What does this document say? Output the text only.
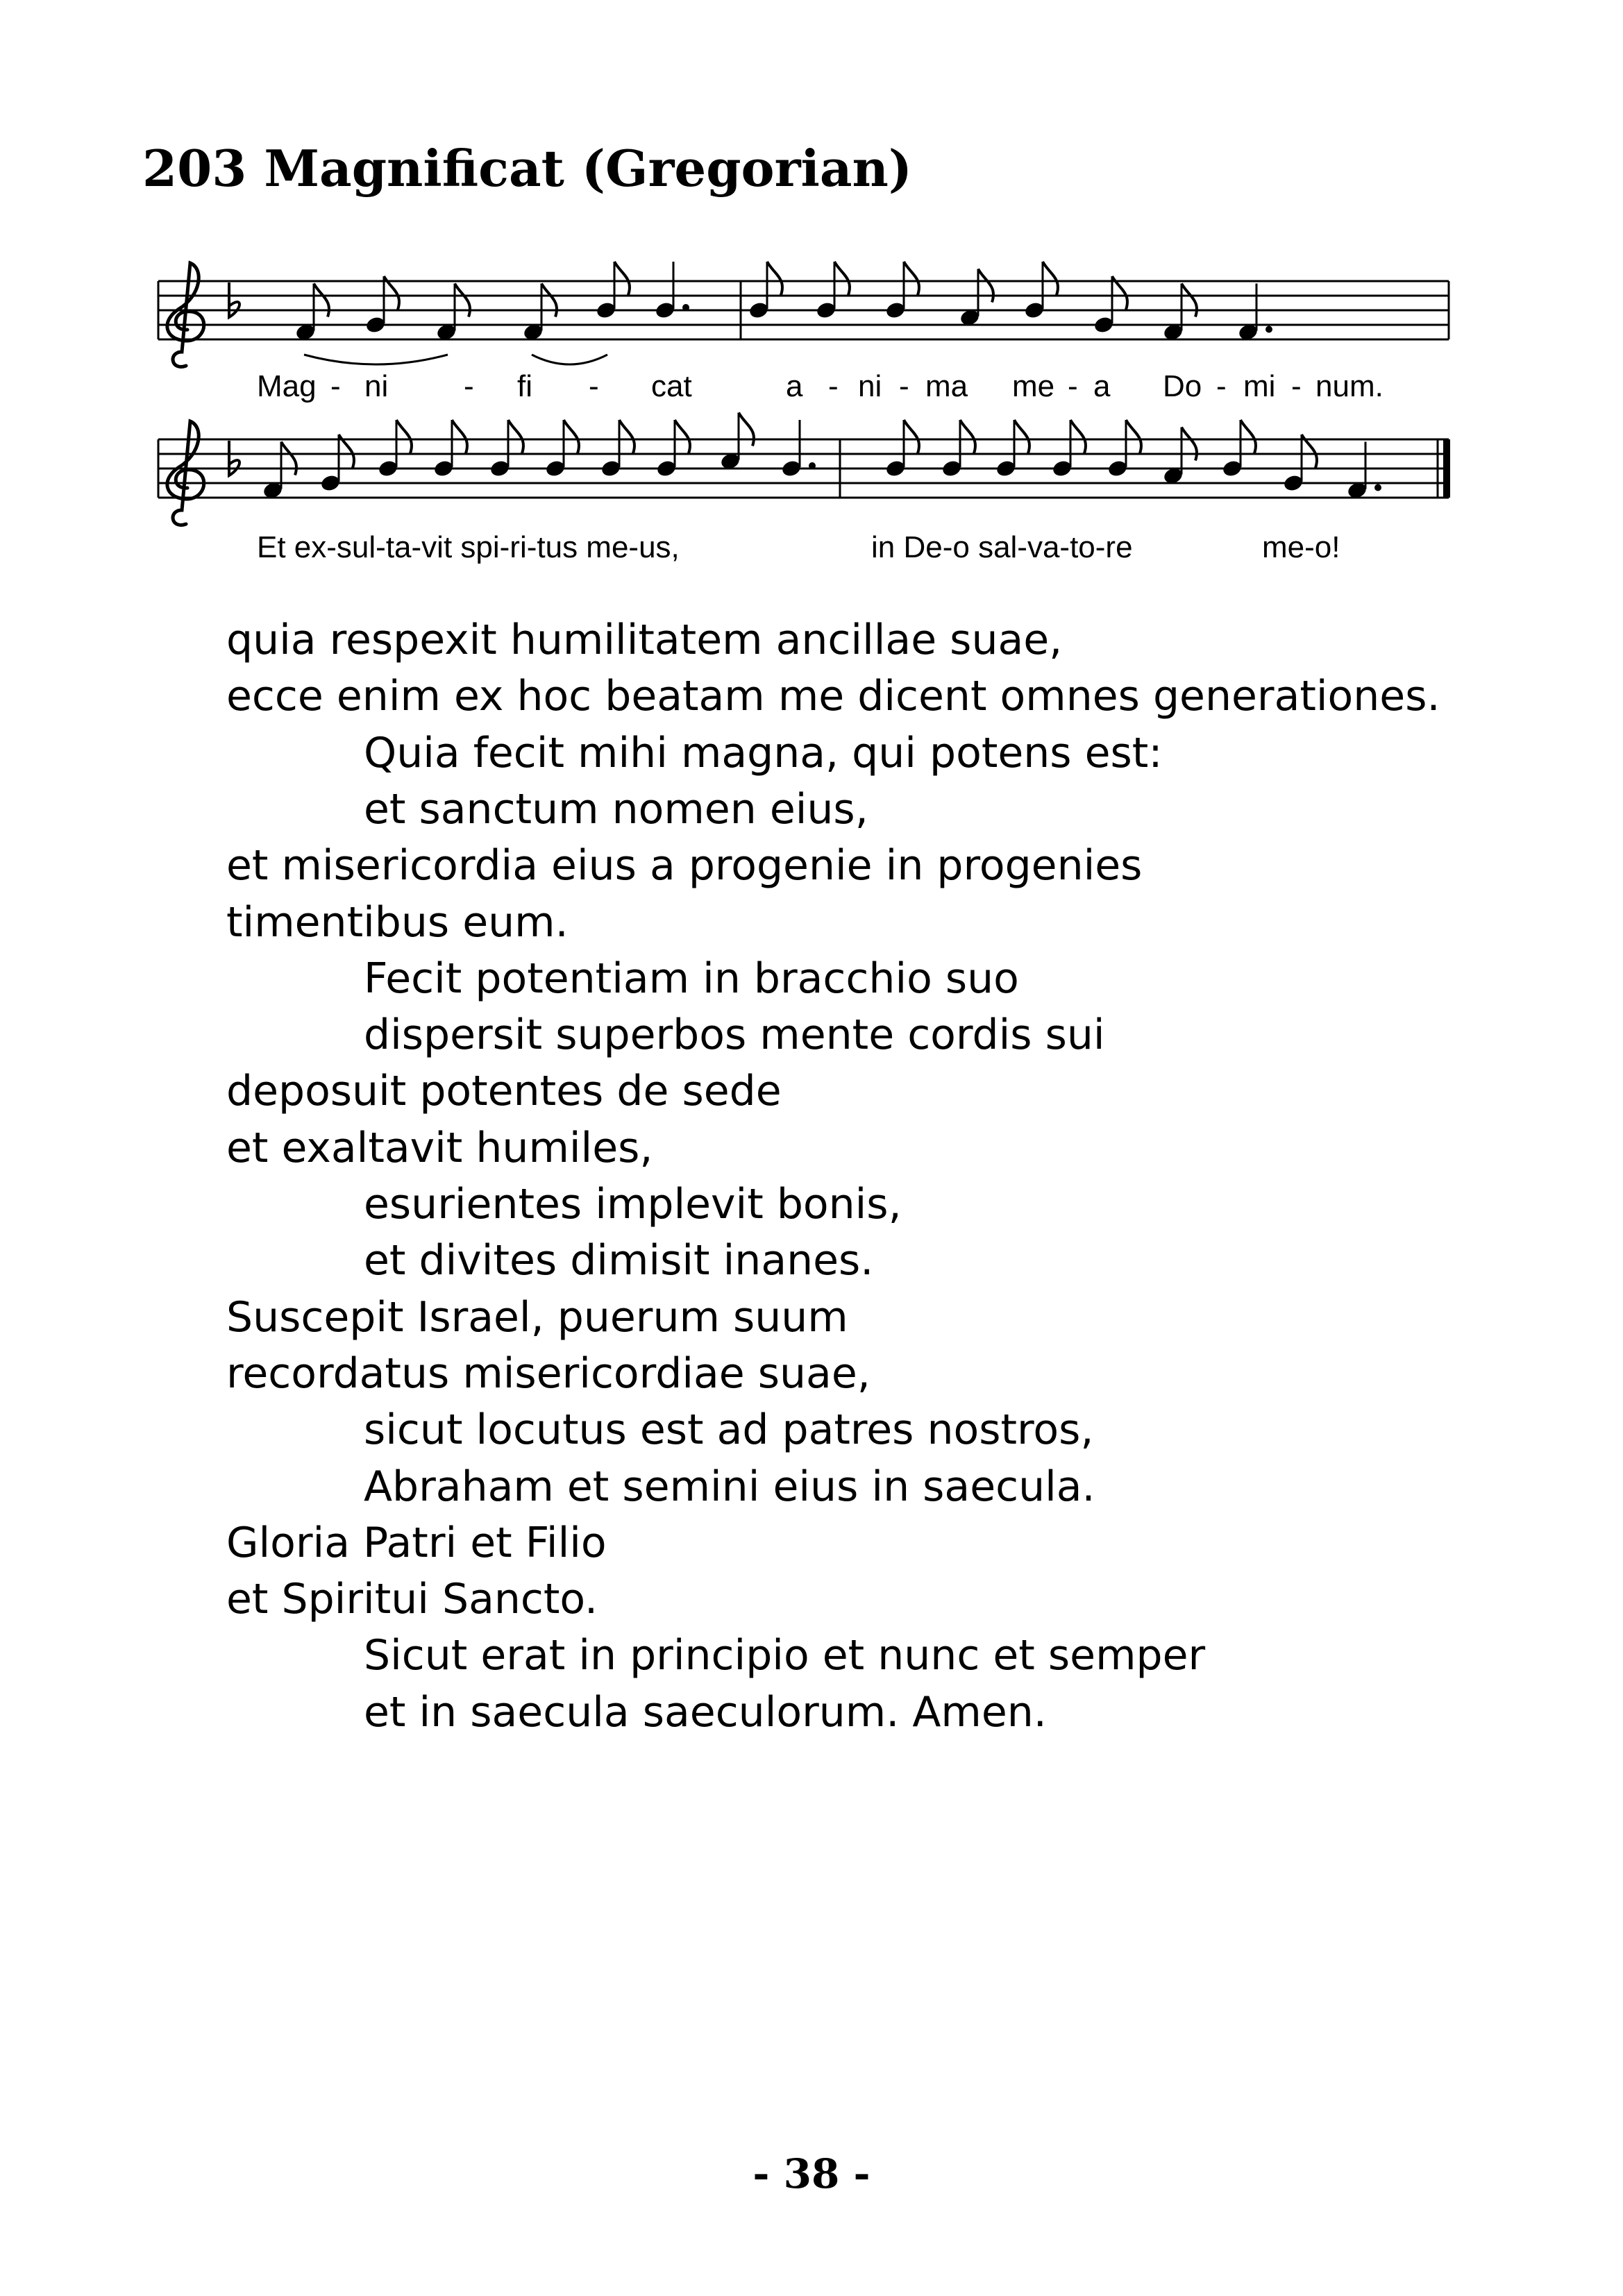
203 Magnificat (Gregorian)
Mag - ni - fi - cat	a - ni - ma me - a Do - mi - num.
Et ex-sul-ta-vit spi-ri-tus me-us,	in De-o sal-va-to-re	me-o!
quia respexit humilitatem ancillae suae,
ecce enim ex hoc beatam me dicent omnes generationes.
Quia fecit mihi magna, qui potens est:
et sanctum nomen eius,
et misericordia eius a progenie in progenies
timentibus eum.
Fecit potentiam in bracchio suo
dispersit superbos mente cordis sui
deposuit potentes de sede
et exaltavit humiles,
esurientes implevit bonis,
et divites dimisit inanes.
Suscepit Israel, puerum suum
recordatus misericordiae suae,
sicut locutus est ad patres nostros,
Abraham et semini eius in saecula.
Gloria Patri et Filio
et Spiritui Sancto.
Sicut erat in principio et nunc et semper
et in saecula saeculorum. Amen.
- 38 -
